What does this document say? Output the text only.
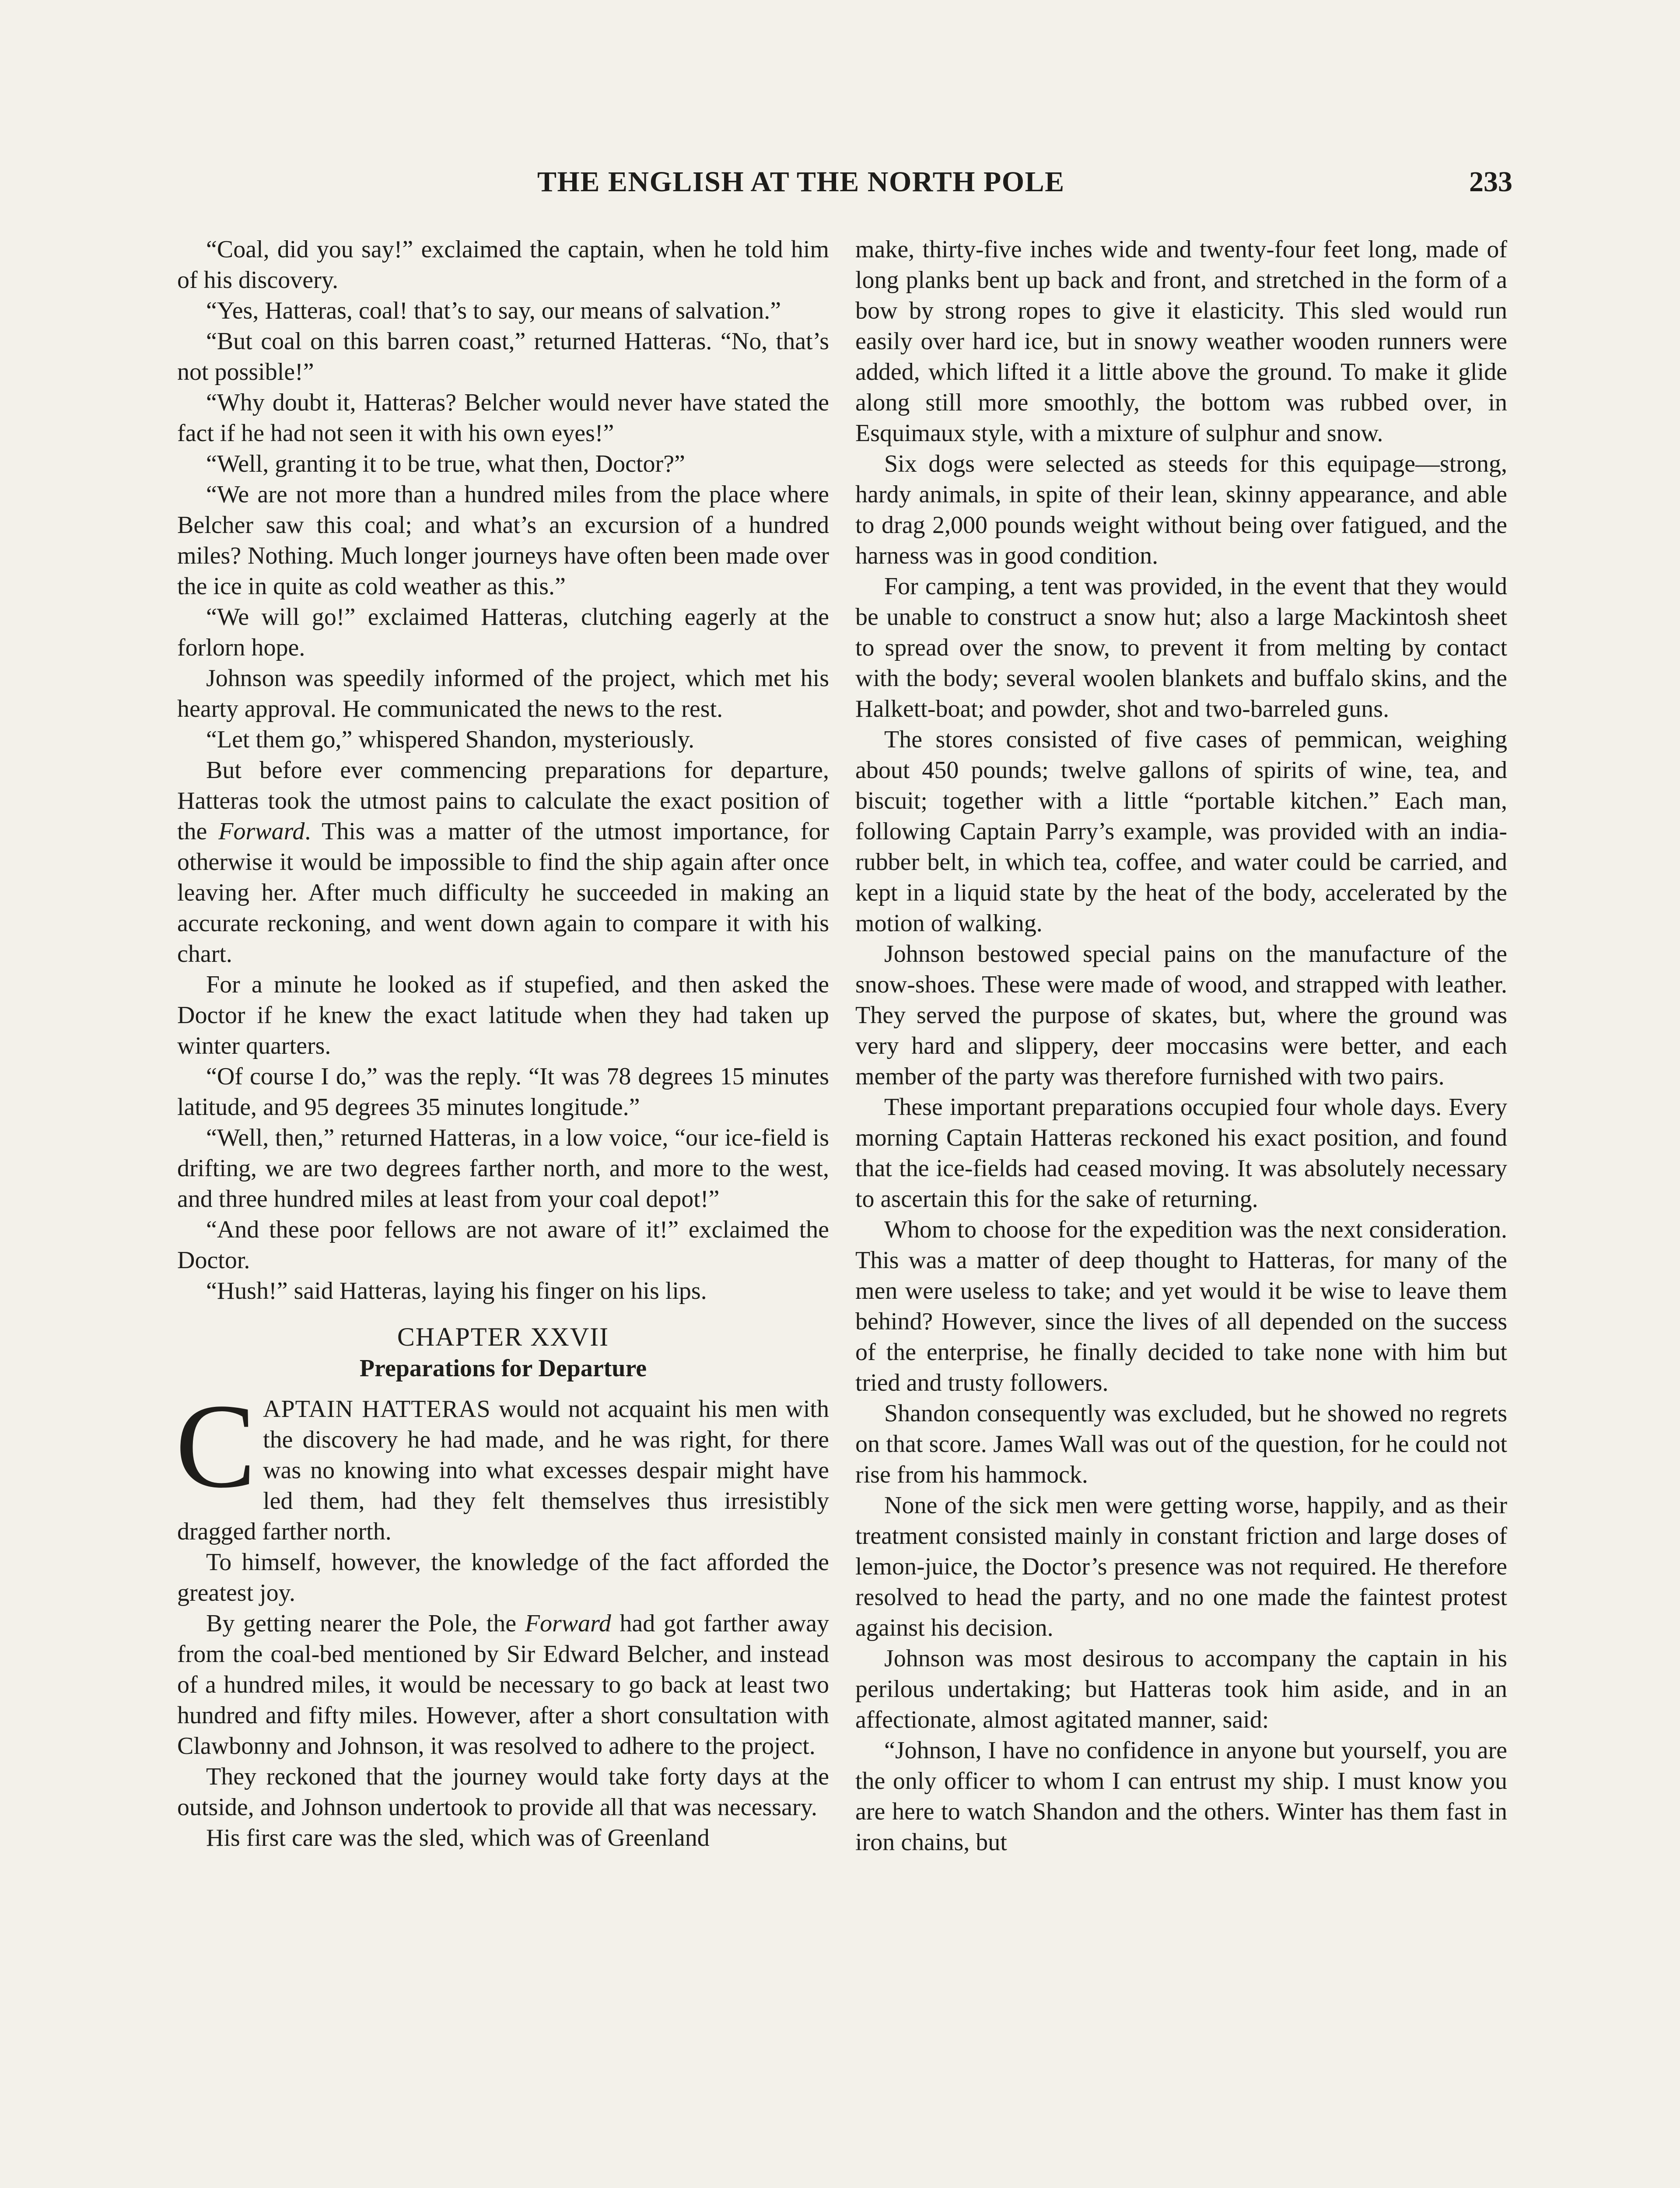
THE ENGLISH AT THE NORTH POLE	233

“Coal, did you say!” exclaimed the captain, when he told him of his discovery.

“Yes, Hatteras, coal! that’s to say, our means of salvation.”

“But coal on this barren coast,” returned Hatteras. “No, that’s not possible!”

“Why doubt it, Hatteras? Belcher would never have stated the fact if he had not seen it with his own eyes!”

“Well, granting it to be true, what then, Doctor?”

“We are not more than a hundred miles from the place where Belcher saw this coal; and what’s an excursion of a hundred miles? Nothing. Much longer journeys have often been made over the ice in quite as cold weather as this.”

“We will go!” exclaimed Hatteras, clutching eagerly at the forlorn hope.

Johnson was speedily informed of the project, which met his hearty approval. He communicated the news to the rest.

“Let them go,” whispered Shandon, mysteriously.

But before ever commencing preparations for departure, Hatteras took the utmost pains to calculate the exact position of the Forward. This was a matter of the utmost importance, for otherwise it would be impossible to find the ship again after once leaving her. After much difficulty he succeeded in making an accurate reckoning, and went down again to compare it with his chart.

For a minute he looked as if stupefied, and then asked the Doctor if he knew the exact latitude when they had taken up winter quarters.

“Of course I do,” was the reply. “It was 78 degrees 15 minutes latitude, and 95 degrees 35 minutes longitude.”

“Well, then,” returned Hatteras, in a low voice, “our ice-field is drifting, we are two degrees farther north, and more to the west, and three hundred miles at least from your coal depot!”

“And these poor fellows are not aware of it!” exclaimed the Doctor.

“Hush!” said Hatteras, laying his finger on his lips.

CHAPTER XXVII
Preparations for Departure

CAPTAIN HATTERAS would not acquaint his men with the discovery he had made, and he was right, for there was no knowing into what excesses despair might have led them, had they felt themselves thus irresistibly dragged farther north.

To himself, however, the knowledge of the fact afforded the greatest joy.

By getting nearer the Pole, the Forward had got farther away from the coal-bed mentioned by Sir Edward Belcher, and instead of a hundred miles, it would be necessary to go back at least two hundred and fifty miles. However, after a short consultation with Clawbonny and Johnson, it was resolved to adhere to the project.

They reckoned that the journey would take forty days at the outside, and Johnson undertook to provide all that was necessary.

His first care was the sled, which was of Greenland

make, thirty-five inches wide and twenty-four feet long, made of long planks bent up back and front, and stretched in the form of a bow by strong ropes to give it elasticity. This sled would run easily over hard ice, but in snowy weather wooden runners were added, which lifted it a little above the ground. To make it glide along still more smoothly, the bottom was rubbed over, in Esquimaux style, with a mixture of sulphur and snow.

Six dogs were selected as steeds for this equipage—strong, hardy animals, in spite of their lean, skinny appearance, and able to drag 2,000 pounds weight without being over fatigued, and the harness was in good condition.

For camping, a tent was provided, in the event that they would be unable to construct a snow hut; also a large Mackintosh sheet to spread over the snow, to prevent it from melting by contact with the body; several woolen blankets and buffalo skins, and the Halkett-boat; and powder, shot and two-barreled guns.

The stores consisted of five cases of pemmican, weighing about 450 pounds; twelve gallons of spirits of wine, tea, and biscuit; together with a little “portable kitchen.” Each man, following Captain Parry’s example, was provided with an india-rubber belt, in which tea, coffee, and water could be carried, and kept in a liquid state by the heat of the body, accelerated by the motion of walking.

Johnson bestowed special pains on the manufacture of the snow-shoes. These were made of wood, and strapped with leather. They served the purpose of skates, but, where the ground was very hard and slippery, deer moccasins were better, and each member of the party was therefore furnished with two pairs.

These important preparations occupied four whole days. Every morning Captain Hatteras reckoned his exact position, and found that the ice-fields had ceased moving. It was absolutely necessary to ascertain this for the sake of returning.

Whom to choose for the expedition was the next consideration. This was a matter of deep thought to Hatteras, for many of the men were useless to take; and yet would it be wise to leave them behind? However, since the lives of all depended on the success of the enterprise, he finally decided to take none with him but tried and trusty followers.

Shandon consequently was excluded, but he showed no regrets on that score. James Wall was out of the question, for he could not rise from his hammock.

None of the sick men were getting worse, happily, and as their treatment consisted mainly in constant friction and large doses of lemon-juice, the Doctor’s presence was not required. He therefore resolved to head the party, and no one made the faintest protest against his decision.

Johnson was most desirous to accompany the captain in his perilous undertaking; but Hatteras took him aside, and in an affectionate, almost agitated manner, said:

“Johnson, I have no confidence in anyone but yourself, you are the only officer to whom I can entrust my ship. I must know you are here to watch Shandon and the others. Winter has them fast in iron chains, but
